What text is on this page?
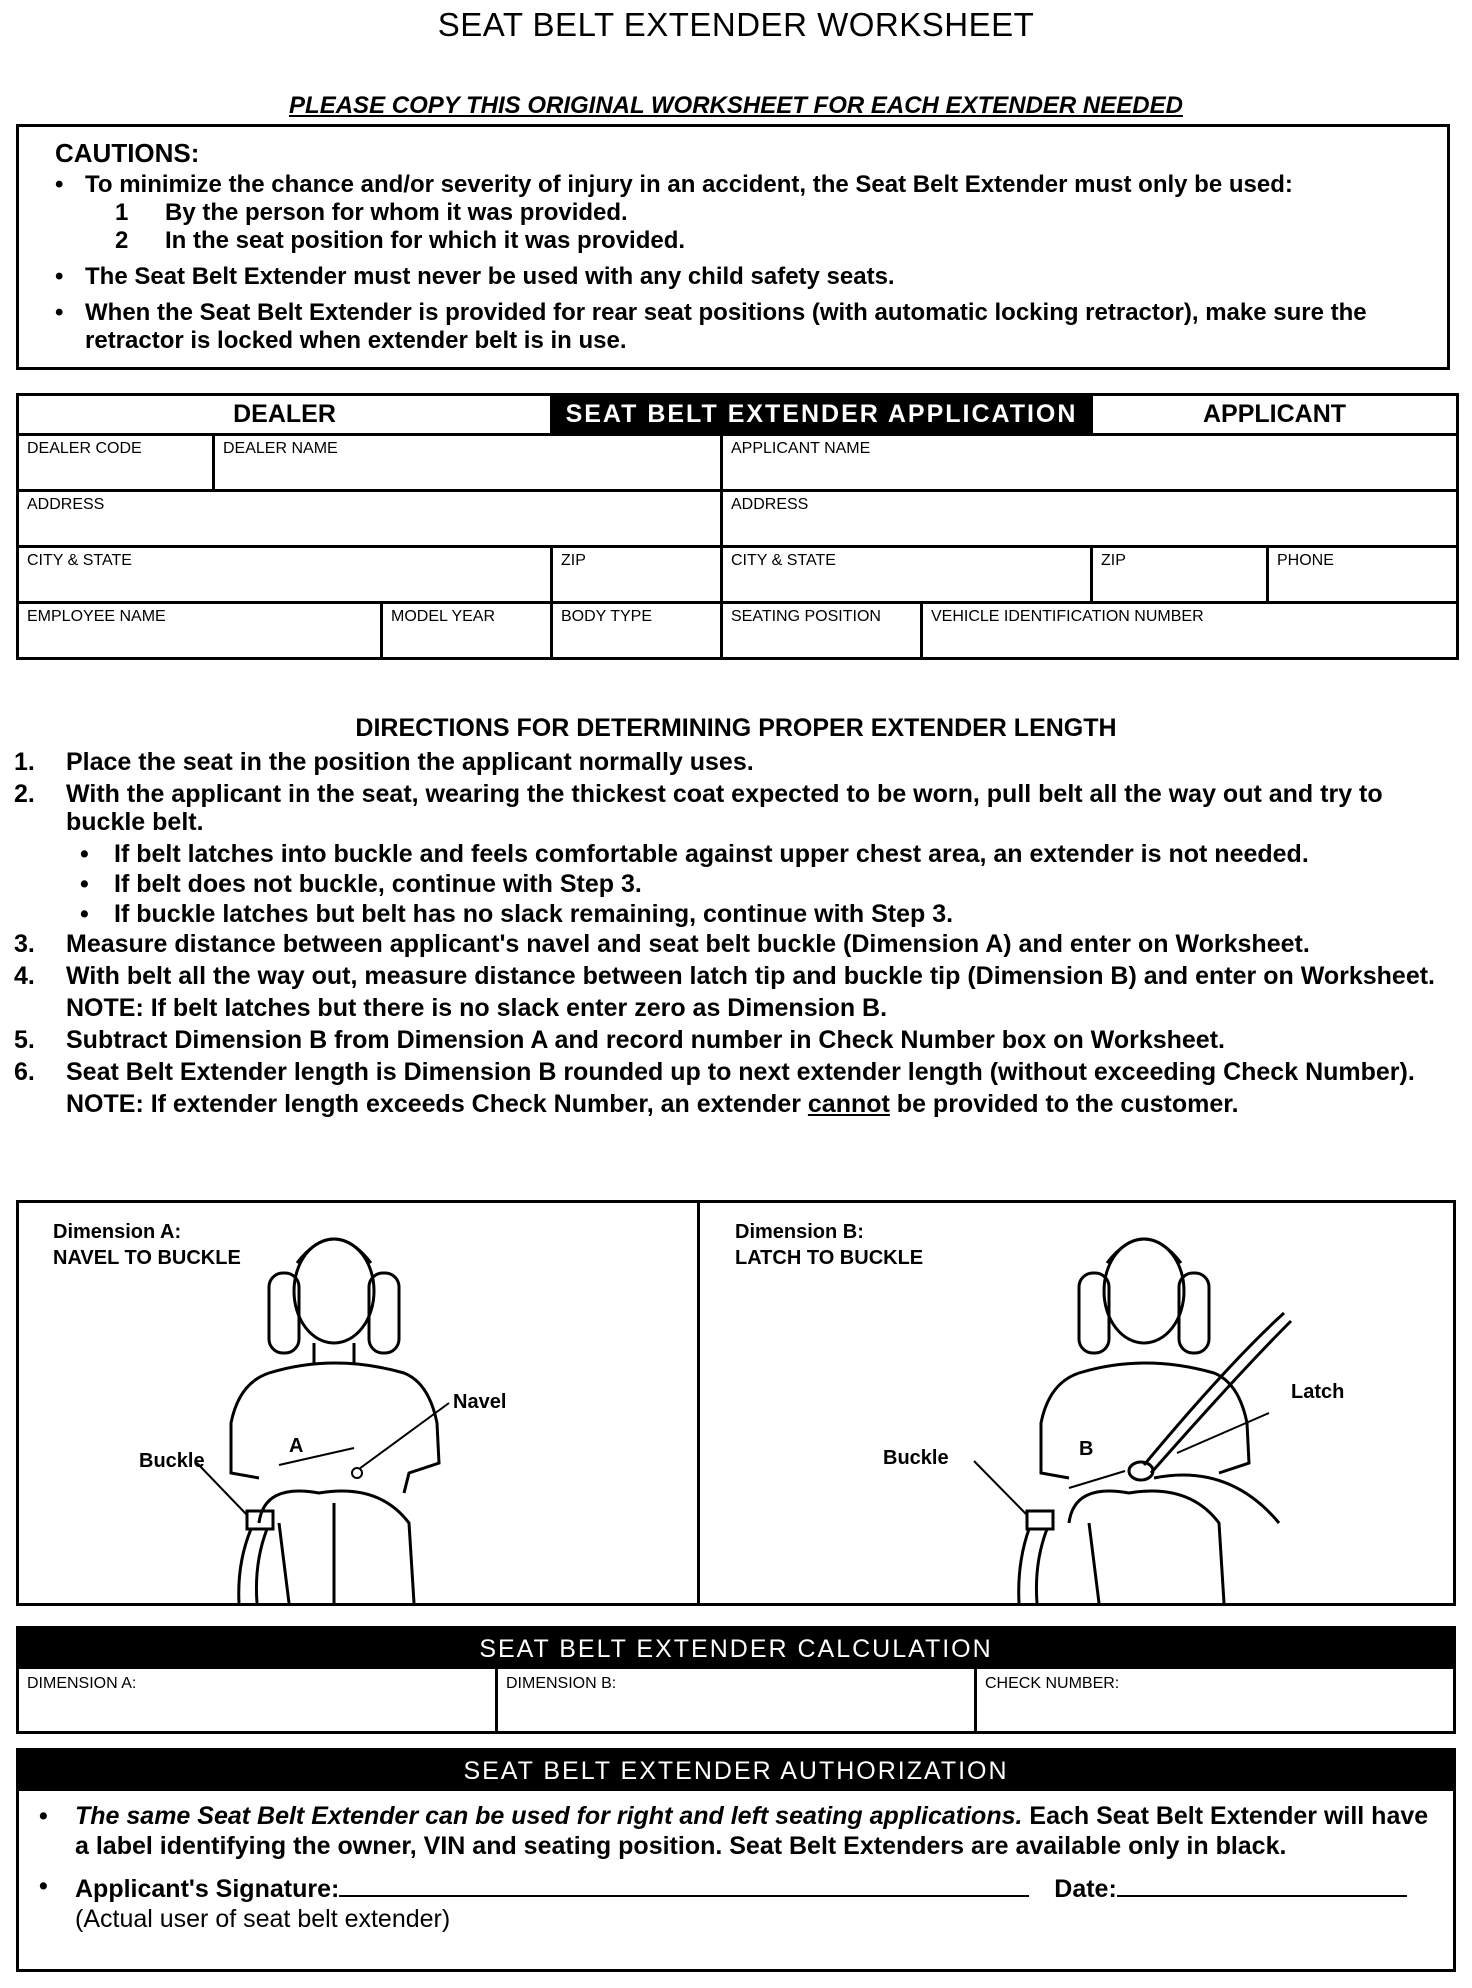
SEAT BELT EXTENDER WORKSHEET
PLEASE COPY THIS ORIGINAL WORKSHEET FOR EACH EXTENDER NEEDED
CAUTIONS:
• To minimize the chance and/or severity of injury in an accident, the Seat Belt Extender must only be used:
1 By the person for whom it was provided.
2 In the seat position for which it was provided.
• The Seat Belt Extender must never be used with any child safety seats.
• When the Seat Belt Extender is provided for rear seat positions (with automatic locking retractor), make sure the retractor is locked when extender belt is in use.
DEALER			SEAT BELT EXTENDER APPLICATION			APPLICANT	
DEALER CODE	DEALER NAME			APPLICANT NAME			
ADDRESS				ADDRESS			
CITY & STATE			ZIP	CITY & STATE		ZIP	PHONE
EMPLOYEE NAME		MODEL YEAR	BODY TYPE	SEATING POSITION	VEHICLE IDENTIFICATION NUMBER		
DIRECTIONS FOR DETERMINING PROPER EXTENDER LENGTH
1. Place the seat in the position the applicant normally uses.
2. With the applicant in the seat, wearing the thickest coat expected to be worn, pull belt all the way out and try to buckle belt.
• If belt latches into buckle and feels comfortable against upper chest area, an extender is not needed.
• If belt does not buckle, continue with Step 3.
• If buckle latches but belt has no slack remaining, continue with Step 3.
3. Measure distance between applicant's navel and seat belt buckle (Dimension A) and enter on Worksheet.
4. With belt all the way out, measure distance between latch tip and buckle tip (Dimension B) and enter on Worksheet.
NOTE: If belt latches but there is no slack enter zero as Dimension B.
5. Subtract Dimension B from Dimension A and record number in Check Number box on Worksheet.
6. Seat Belt Extender length is Dimension B rounded up to next extender length (without exceeding Check Number).
NOTE: If extender length exceeds Check Number, an extender cannot be provided to the customer.
Dimension A:
NAVEL TO BUCKLE
Navel
Buckle
A
Dimension B:
LATCH TO BUCKLE
Latch
Buckle	B
SEAT BELT EXTENDER CALCULATION
DIMENSION A:	DIMENSION B:	CHECK NUMBER:
SEAT BELT EXTENDER AUTHORIZATION
• The same Seat Belt Extender can be used for right and left seating applications. Each Seat Belt Extender will have a label identifying the owner, VIN and seating position. Seat Belt Extenders are available only in black.
• Applicant's Signature:	Date:
(Actual user of seat belt extender)
